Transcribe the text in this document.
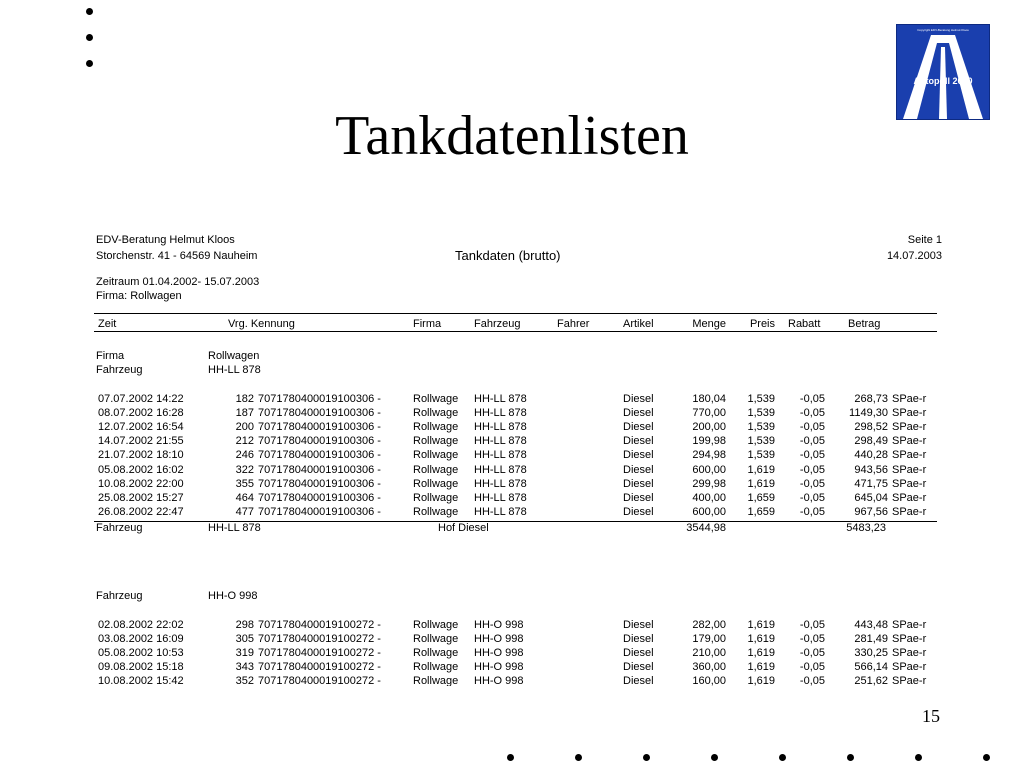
Tankdatenlisten
Copyright EDV-Beratung Helmut Kloos
Autopoll 2000
2002
EDV-Beratung Helmut Kloos
Storchenstr. 41 - 64569 Nauheim	Tankdaten (brutto)
Seite 1
14.07.2003
Zeitraum 01.04.2002- 15.07.2003
Firma: Rollwagen
Zeit	Vrg. Kennung	Firma	Fahrzeug	Fahrer	Artikel	Menge	Preis Rabatt	Betrag
Firma	Rollwagen
Fahrzeug	HH-LL 878
07.07.2002 14:22	182 7071780400019100306 -	Rollwage HH-LL 878	Diesel	180,04	1,539	-0,05	268,73 SPae-r
08.07.2002 16:28	187 7071780400019100306 -	Rollwage HH-LL 878	Diesel	770,00	1,539	-0,05	1149,30 SPae-r
12.07.2002 16:54	200 7071780400019100306 -	Rollwage HH-LL 878	Diesel	200,00	1,539	-0,05	298,52 SPae-r
14.07.2002 21:55	212 7071780400019100306 -	Rollwage HH-LL 878	Diesel	199,98	1,539	-0,05	298,49 SPae-r
21.07.2002 18:10	246 7071780400019100306 -	Rollwage HH-LL 878	Diesel	294,98	1,539	-0,05	440,28 SPae-r
05.08.2002 16:02	322 7071780400019100306 -	Rollwage HH-LL 878	Diesel	600,00	1,619	-0,05	943,56 SPae-r
10.08.2002 22:00	355 7071780400019100306 -	Rollwage HH-LL 878	Diesel	299,98	1,619	-0,05	471,75 SPae-r
25.08.2002 15:27	464 7071780400019100306 -	Rollwage HH-LL 878	Diesel	400,00	1,659	-0,05	645,04 SPae-r
26.08.2002 22:47	477 7071780400019100306 -	Rollwage HH-LL 878	Diesel	600,00	1,659	-0,05	967,56 SPae-r
Fahrzeug	HH-LL 878	Hof Diesel	3544,98	5483,23
Fahrzeug	HH-O 998
02.08.2002 22:02	298 7071780400019100272 -	Rollwage HH-O 998	Diesel	282,00	1,619	-0,05	443,48 SPae-r
03.08.2002 16:09	305 7071780400019100272 -	Rollwage HH-O 998	Diesel	179,00	1,619	-0,05	281,49 SPae-r
05.08.2002 10:53	319 7071780400019100272 -	Rollwage HH-O 998	Diesel	210,00	1,619	-0,05	330,25 SPae-r
09.08.2002 15:18	343 7071780400019100272 -	Rollwage HH-O 998	Diesel	360,00	1,619	-0,05	566,14 SPae-r
10.08.2002 15:42	352 7071780400019100272 -	Rollwage HH-O 998	Diesel	160,00	1,619	-0,05	251,62 SPae-r
15
